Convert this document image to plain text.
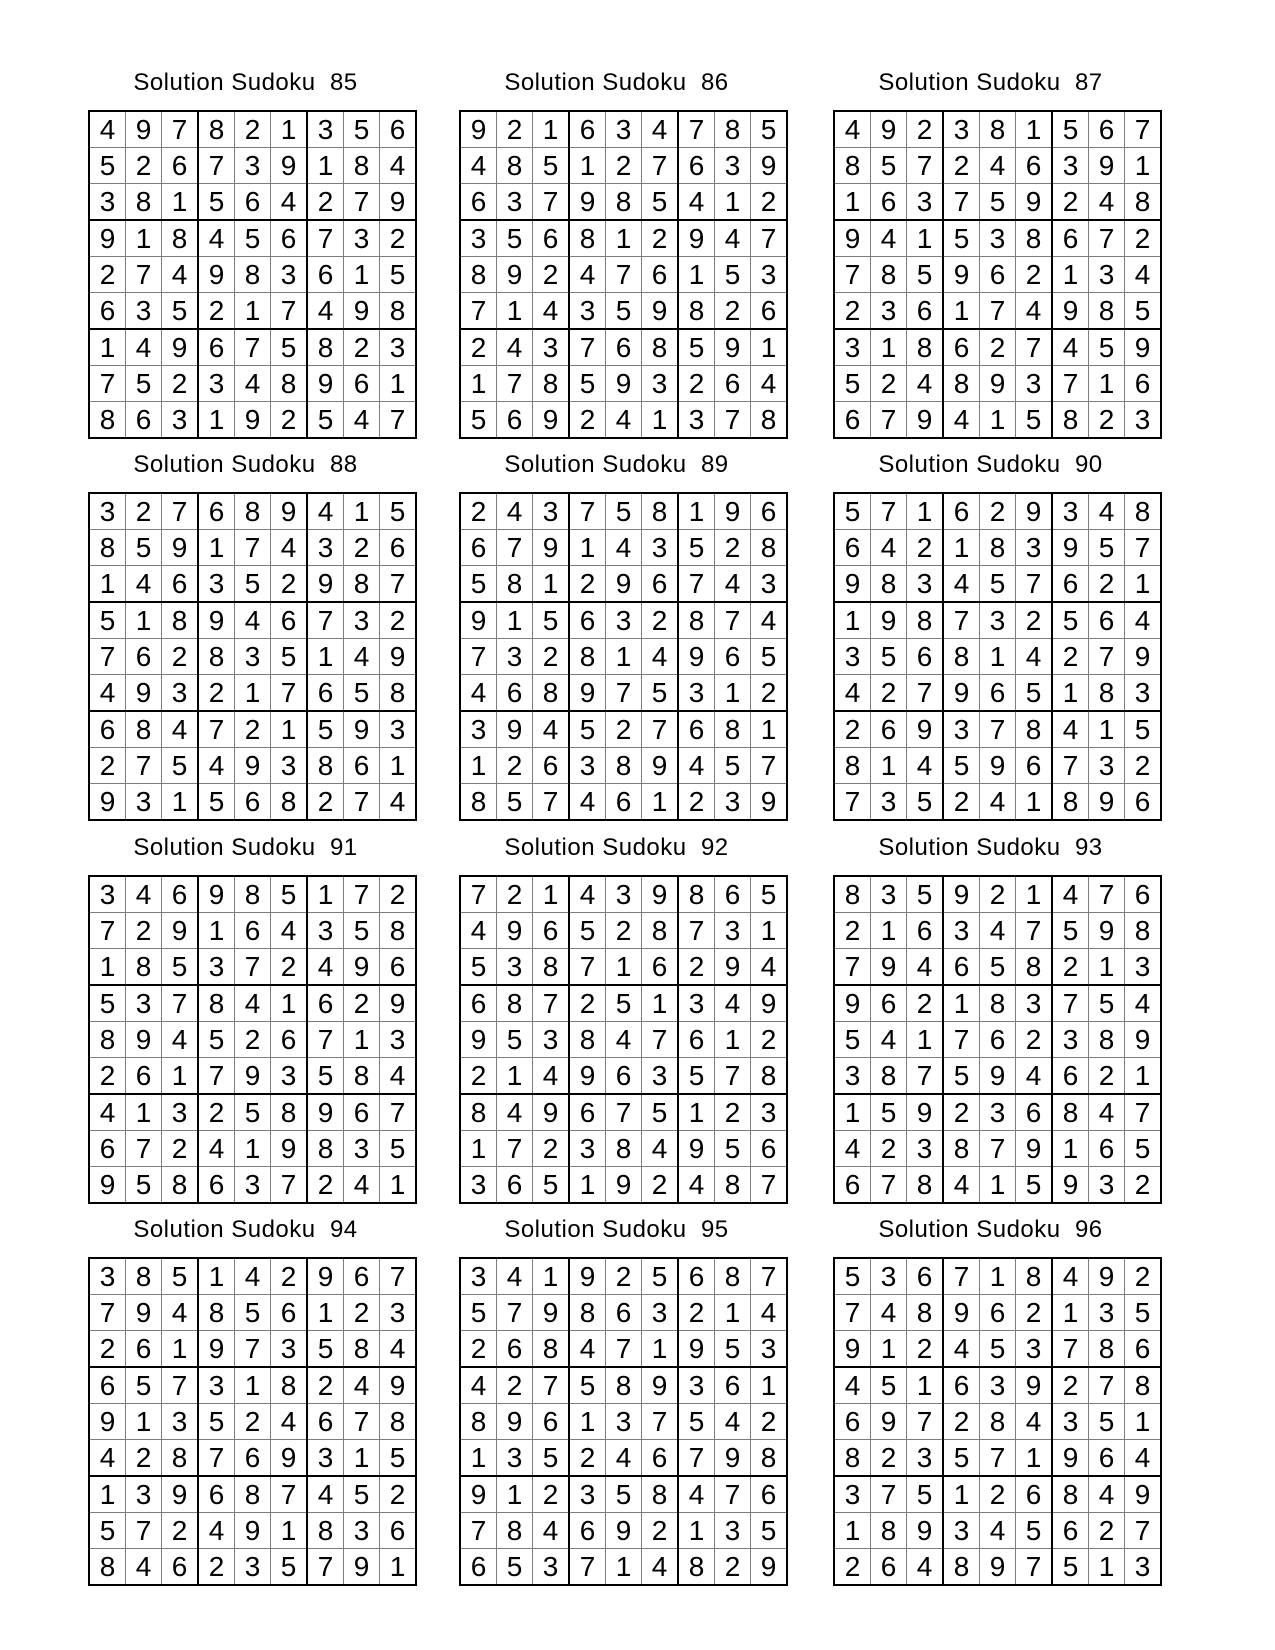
Solution Sudoku  85
4	9	7	8	2	1	3	5	6
5	2	6	7	3	9	1	8	4
3	8	1	5	6	4	2	7	9
9	1	8	4	5	6	7	3	2
2	7	4	9	8	3	6	1	5
6	3	5	2	1	7	4	9	8
1	4	9	6	7	5	8	2	3
7	5	2	3	4	8	9	6	1
8	6	3	1	9	2	5	4	7
Solution Sudoku  86
9	2	1	6	3	4	7	8	5
4	8	5	1	2	7	6	3	9
6	3	7	9	8	5	4	1	2
3	5	6	8	1	2	9	4	7
8	9	2	4	7	6	1	5	3
7	1	4	3	5	9	8	2	6
2	4	3	7	6	8	5	9	1
1	7	8	5	9	3	2	6	4
5	6	9	2	4	1	3	7	8
Solution Sudoku  87
4	9	2	3	8	1	5	6	7
8	5	7	2	4	6	3	9	1
1	6	3	7	5	9	2	4	8
9	4	1	5	3	8	6	7	2
7	8	5	9	6	2	1	3	4
2	3	6	1	7	4	9	8	5
3	1	8	6	2	7	4	5	9
5	2	4	8	9	3	7	1	6
6	7	9	4	1	5	8	2	3
Solution Sudoku  88
3	2	7	6	8	9	4	1	5
8	5	9	1	7	4	3	2	6
1	4	6	3	5	2	9	8	7
5	1	8	9	4	6	7	3	2
7	6	2	8	3	5	1	4	9
4	9	3	2	1	7	6	5	8
6	8	4	7	2	1	5	9	3
2	7	5	4	9	3	8	6	1
9	3	1	5	6	8	2	7	4
Solution Sudoku  89
2	4	3	7	5	8	1	9	6
6	7	9	1	4	3	5	2	8
5	8	1	2	9	6	7	4	3
9	1	5	6	3	2	8	7	4
7	3	2	8	1	4	9	6	5
4	6	8	9	7	5	3	1	2
3	9	4	5	2	7	6	8	1
1	2	6	3	8	9	4	5	7
8	5	7	4	6	1	2	3	9
Solution Sudoku  90
5	7	1	6	2	9	3	4	8
6	4	2	1	8	3	9	5	7
9	8	3	4	5	7	6	2	1
1	9	8	7	3	2	5	6	4
3	5	6	8	1	4	2	7	9
4	2	7	9	6	5	1	8	3
2	6	9	3	7	8	4	1	5
8	1	4	5	9	6	7	3	2
7	3	5	2	4	1	8	9	6
Solution Sudoku  91
3	4	6	9	8	5	1	7	2
7	2	9	1	6	4	3	5	8
1	8	5	3	7	2	4	9	6
5	3	7	8	4	1	6	2	9
8	9	4	5	2	6	7	1	3
2	6	1	7	9	3	5	8	4
4	1	3	2	5	8	9	6	7
6	7	2	4	1	9	8	3	5
9	5	8	6	3	7	2	4	1
Solution Sudoku  92
7	2	1	4	3	9	8	6	5
4	9	6	5	2	8	7	3	1
5	3	8	7	1	6	2	9	4
6	8	7	2	5	1	3	4	9
9	5	3	8	4	7	6	1	2
2	1	4	9	6	3	5	7	8
8	4	9	6	7	5	1	2	3
1	7	2	3	8	4	9	5	6
3	6	5	1	9	2	4	8	7
Solution Sudoku  93
8	3	5	9	2	1	4	7	6
2	1	6	3	4	7	5	9	8
7	9	4	6	5	8	2	1	3
9	6	2	1	8	3	7	5	4
5	4	1	7	6	2	3	8	9
3	8	7	5	9	4	6	2	1
1	5	9	2	3	6	8	4	7
4	2	3	8	7	9	1	6	5
6	7	8	4	1	5	9	3	2
Solution Sudoku  94
3	8	5	1	4	2	9	6	7
7	9	4	8	5	6	1	2	3
2	6	1	9	7	3	5	8	4
6	5	7	3	1	8	2	4	9
9	1	3	5	2	4	6	7	8
4	2	8	7	6	9	3	1	5
1	3	9	6	8	7	4	5	2
5	7	2	4	9	1	8	3	6
8	4	6	2	3	5	7	9	1
Solution Sudoku  95
3	4	1	9	2	5	6	8	7
5	7	9	8	6	3	2	1	4
2	6	8	4	7	1	9	5	3
4	2	7	5	8	9	3	6	1
8	9	6	1	3	7	5	4	2
1	3	5	2	4	6	7	9	8
9	1	2	3	5	8	4	7	6
7	8	4	6	9	2	1	3	5
6	5	3	7	1	4	8	2	9
Solution Sudoku  96
5	3	6	7	1	8	4	9	2
7	4	8	9	6	2	1	3	5
9	1	2	4	5	3	7	8	6
4	5	1	6	3	9	2	7	8
6	9	7	2	8	4	3	5	1
8	2	3	5	7	1	9	6	4
3	7	5	1	2	6	8	4	9
1	8	9	3	4	5	6	2	7
2	6	4	8	9	7	5	1	3
